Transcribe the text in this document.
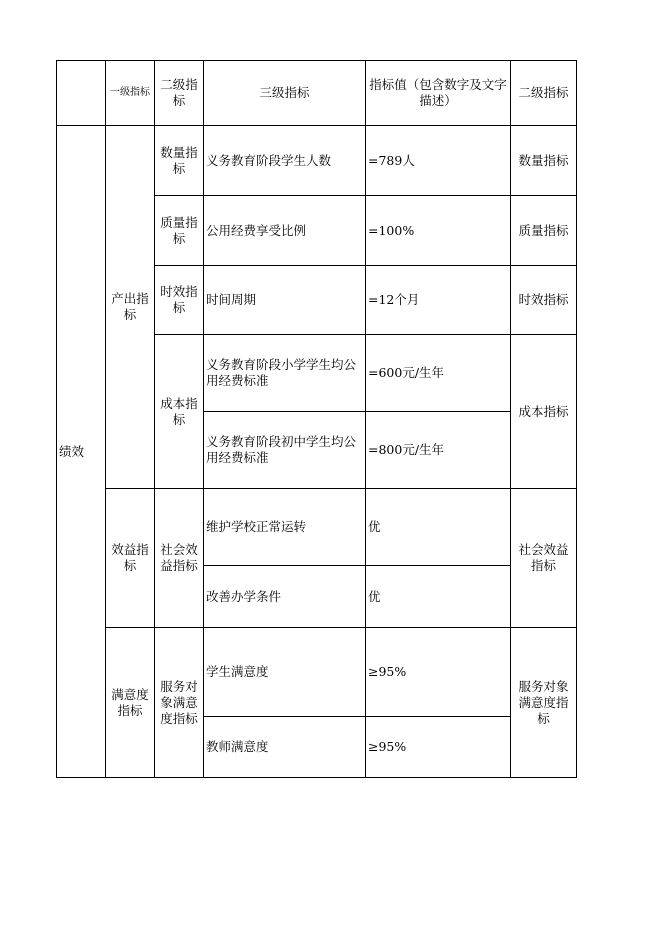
	一级指标	二级指标	三级指标	指标值（包含数字及文字描述）	二级指标
绩效	产出指标	数量指标	义务教育阶段学生人数	=789人	数量指标
		质量指标	公用经费享受比例	=100%	质量指标
		时效指标	时间周期	=12个月	时效指标
		成本指标	义务教育阶段小学学生均公用经费标准	=600元/生年	成本指标
			义务教育阶段初中学生均公用经费标准	=800元/生年	
	效益指标	社会效益指标	维护学校正常运转	优	社会效益指标
			改善办学条件	优	
	满意度指标	服务对象满意度指标	学生满意度	≥95%	服务对象满意度指标
			教师满意度	≥95%	
